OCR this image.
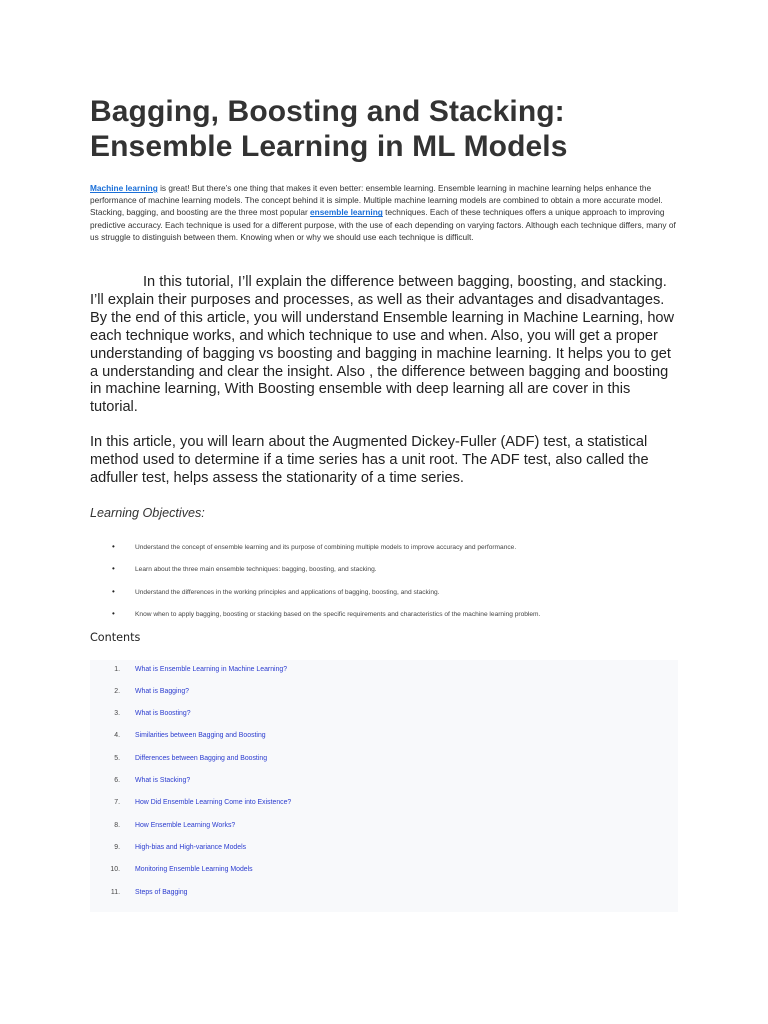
Bagging, Boosting and Stacking:
Ensemble Learning in ML Models

Machine learning is great! But there’s one thing that makes it even better: ensemble learning. Ensemble learning in machine learning helps enhance the performance of machine learning models. The concept behind it is simple. Multiple machine learning models are combined to obtain a more accurate model. Stacking, bagging, and boosting are the three most popular ensemble learning techniques. Each of these techniques offers a unique approach to improving predictive accuracy. Each technique is used for a different purpose, with the use of each depending on varying factors. Although each technique differs, many of us struggle to distinguish between them. Knowing when or why we should use each technique is difficult.

In this tutorial, I’ll explain the difference between bagging, boosting, and stacking. I’ll explain their purposes and processes, as well as their advantages and disadvantages. By the end of this article, you will understand Ensemble learning in Machine Learning, how each technique works, and which technique to use and when. Also, you will get a proper understanding of bagging vs boosting and bagging in machine learning. It helps you to get a understanding and clear the insight. Also , the difference between bagging and boosting in machine learning, With Boosting ensemble with deep learning all are cover in this tutorial.

In this article, you will learn about the Augmented Dickey-Fuller (ADF) test, a statistical method used to determine if a time series has a unit root. The ADF test, also called the adfuller test, helps assess the stationarity of a time series.

Learning Objectives:

•	Understand the concept of ensemble learning and its purpose of combining multiple models to improve accuracy and performance.
•	Learn about the three main ensemble techniques: bagging, boosting, and stacking.
•	Understand the differences in the working principles and applications of bagging, boosting, and stacking.
•	Know when to apply bagging, boosting or stacking based on the specific requirements and characteristics of the machine learning problem.
Contents
1. What is Ensemble Learning in Machine Learning?
2. What is Bagging?
3. What is Boosting?
4. Similarities between Bagging and Boosting
5. Differences between Bagging and Boosting
6. What is Stacking?
7. How Did Ensemble Learning Come into Existence?
8. How Ensemble Learning Works?
9. High-bias and High-variance Models
10. Monitoring Ensemble Learning Models
11. Steps of Bagging
